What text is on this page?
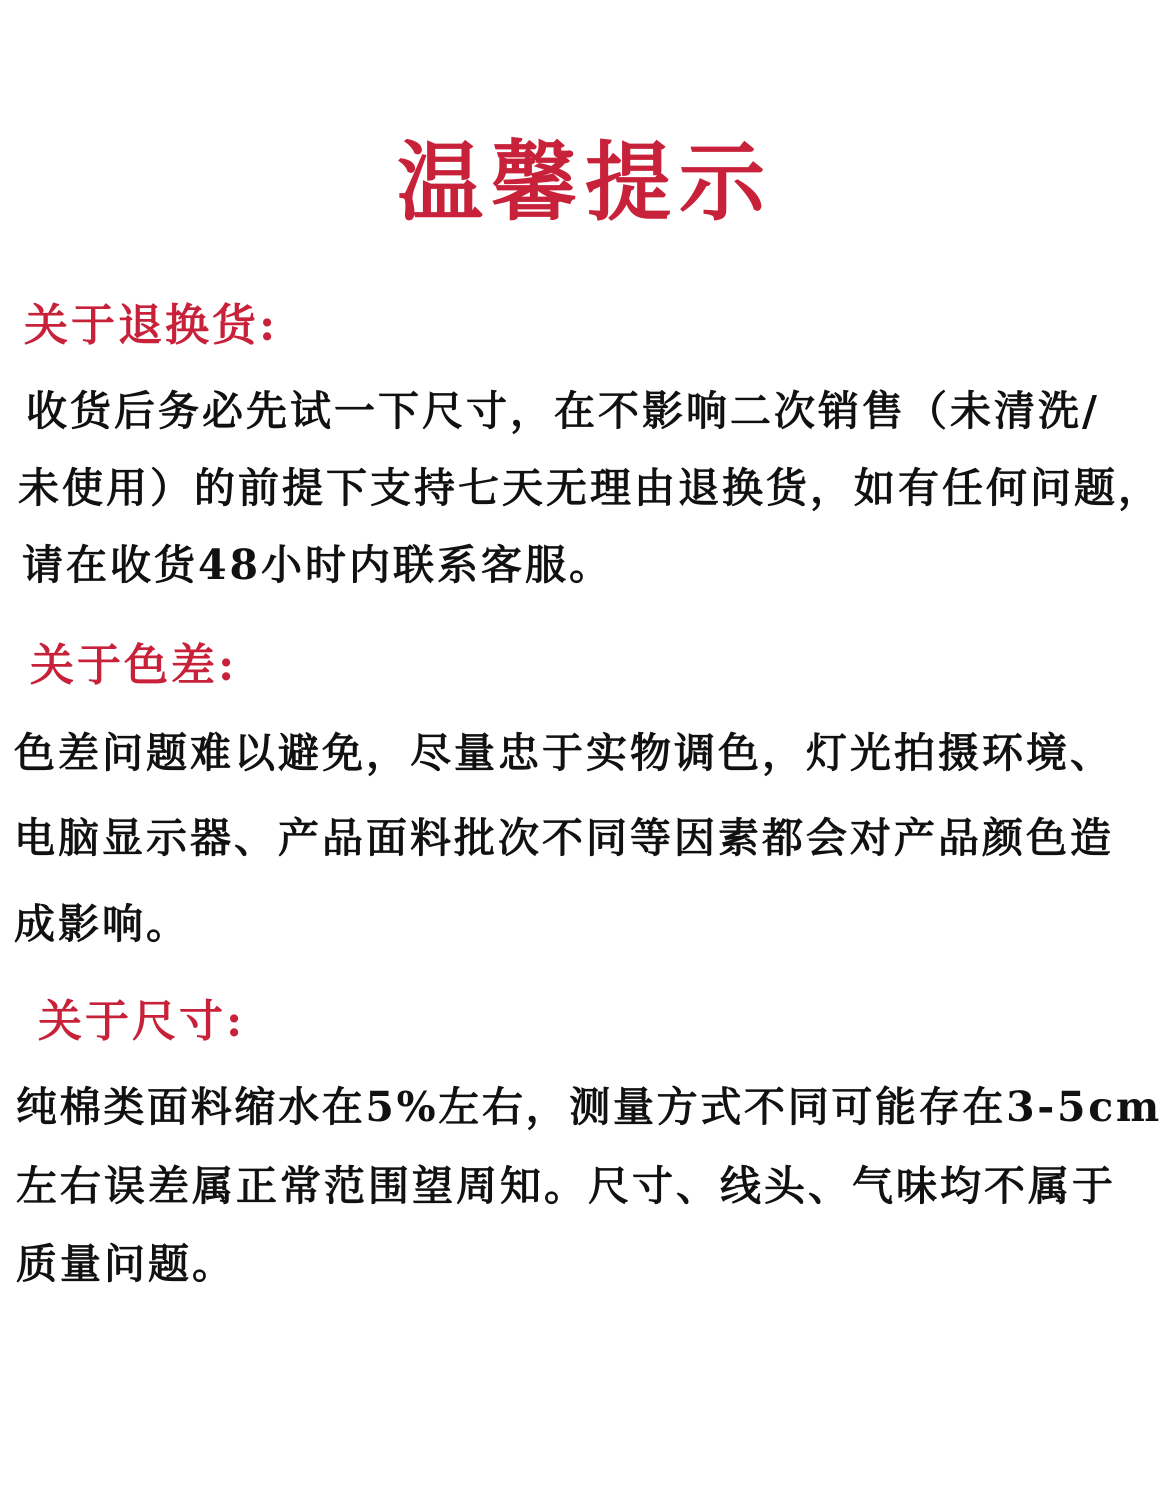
温馨提示
关于退换货:

收货后务必先试一下尺寸，在不影响二次销售（未清洗/

未使用）的前提下支持七天无理由退换货，如有任何问题，

请在收货48小时内联系客服。

关于色差:

色差问题难以避免，尽量忠于实物调色，灯光拍摄环境、

电脑显示器、产品面料批次不同等因素都会对产品颜色造

成影响。

关于尺寸:

纯棉类面料缩水在5%左右，测量方式不同可能存在3-5cm

左右误差属正常范围望周知。尺寸、线头、气味均不属于

质量问题。
